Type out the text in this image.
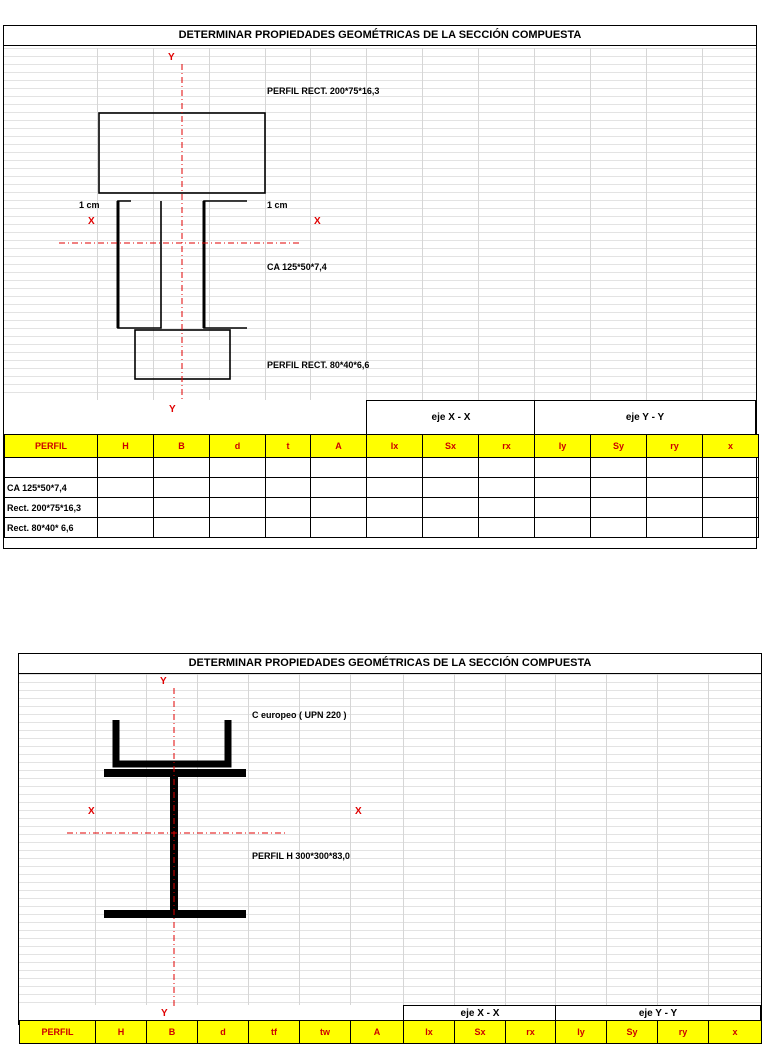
DETERMINAR PROPIEDADES GEOMÉTRICAS DE LA SECCIÓN COMPUESTA
Y
Y
X	X
PERFIL RECT. 200*75*16,3
1 cm	1 cm
CA 125*50*7,4
PERFIL RECT. 80*40*6,6
eje X - X	eje Y - Y
PERFIL	H	B	d	t	A	Ix	Sx	rx	Iy	Sy	ry	x

CA 125*50*7,4												
Rect. 200*75*16,3												
Rect. 80*40* 6,6												
DETERMINAR PROPIEDADES GEOMÉTRICAS DE LA SECCIÓN COMPUESTA
Y
Y
X	X
C europeo ( UPN 220 )
PERFIL H 300*300*83,0
eje X - X	eje Y - Y
PERFIL	H	B	d	tf	tw	A	Ix	Sx	rx	Iy	Sy	ry	x
